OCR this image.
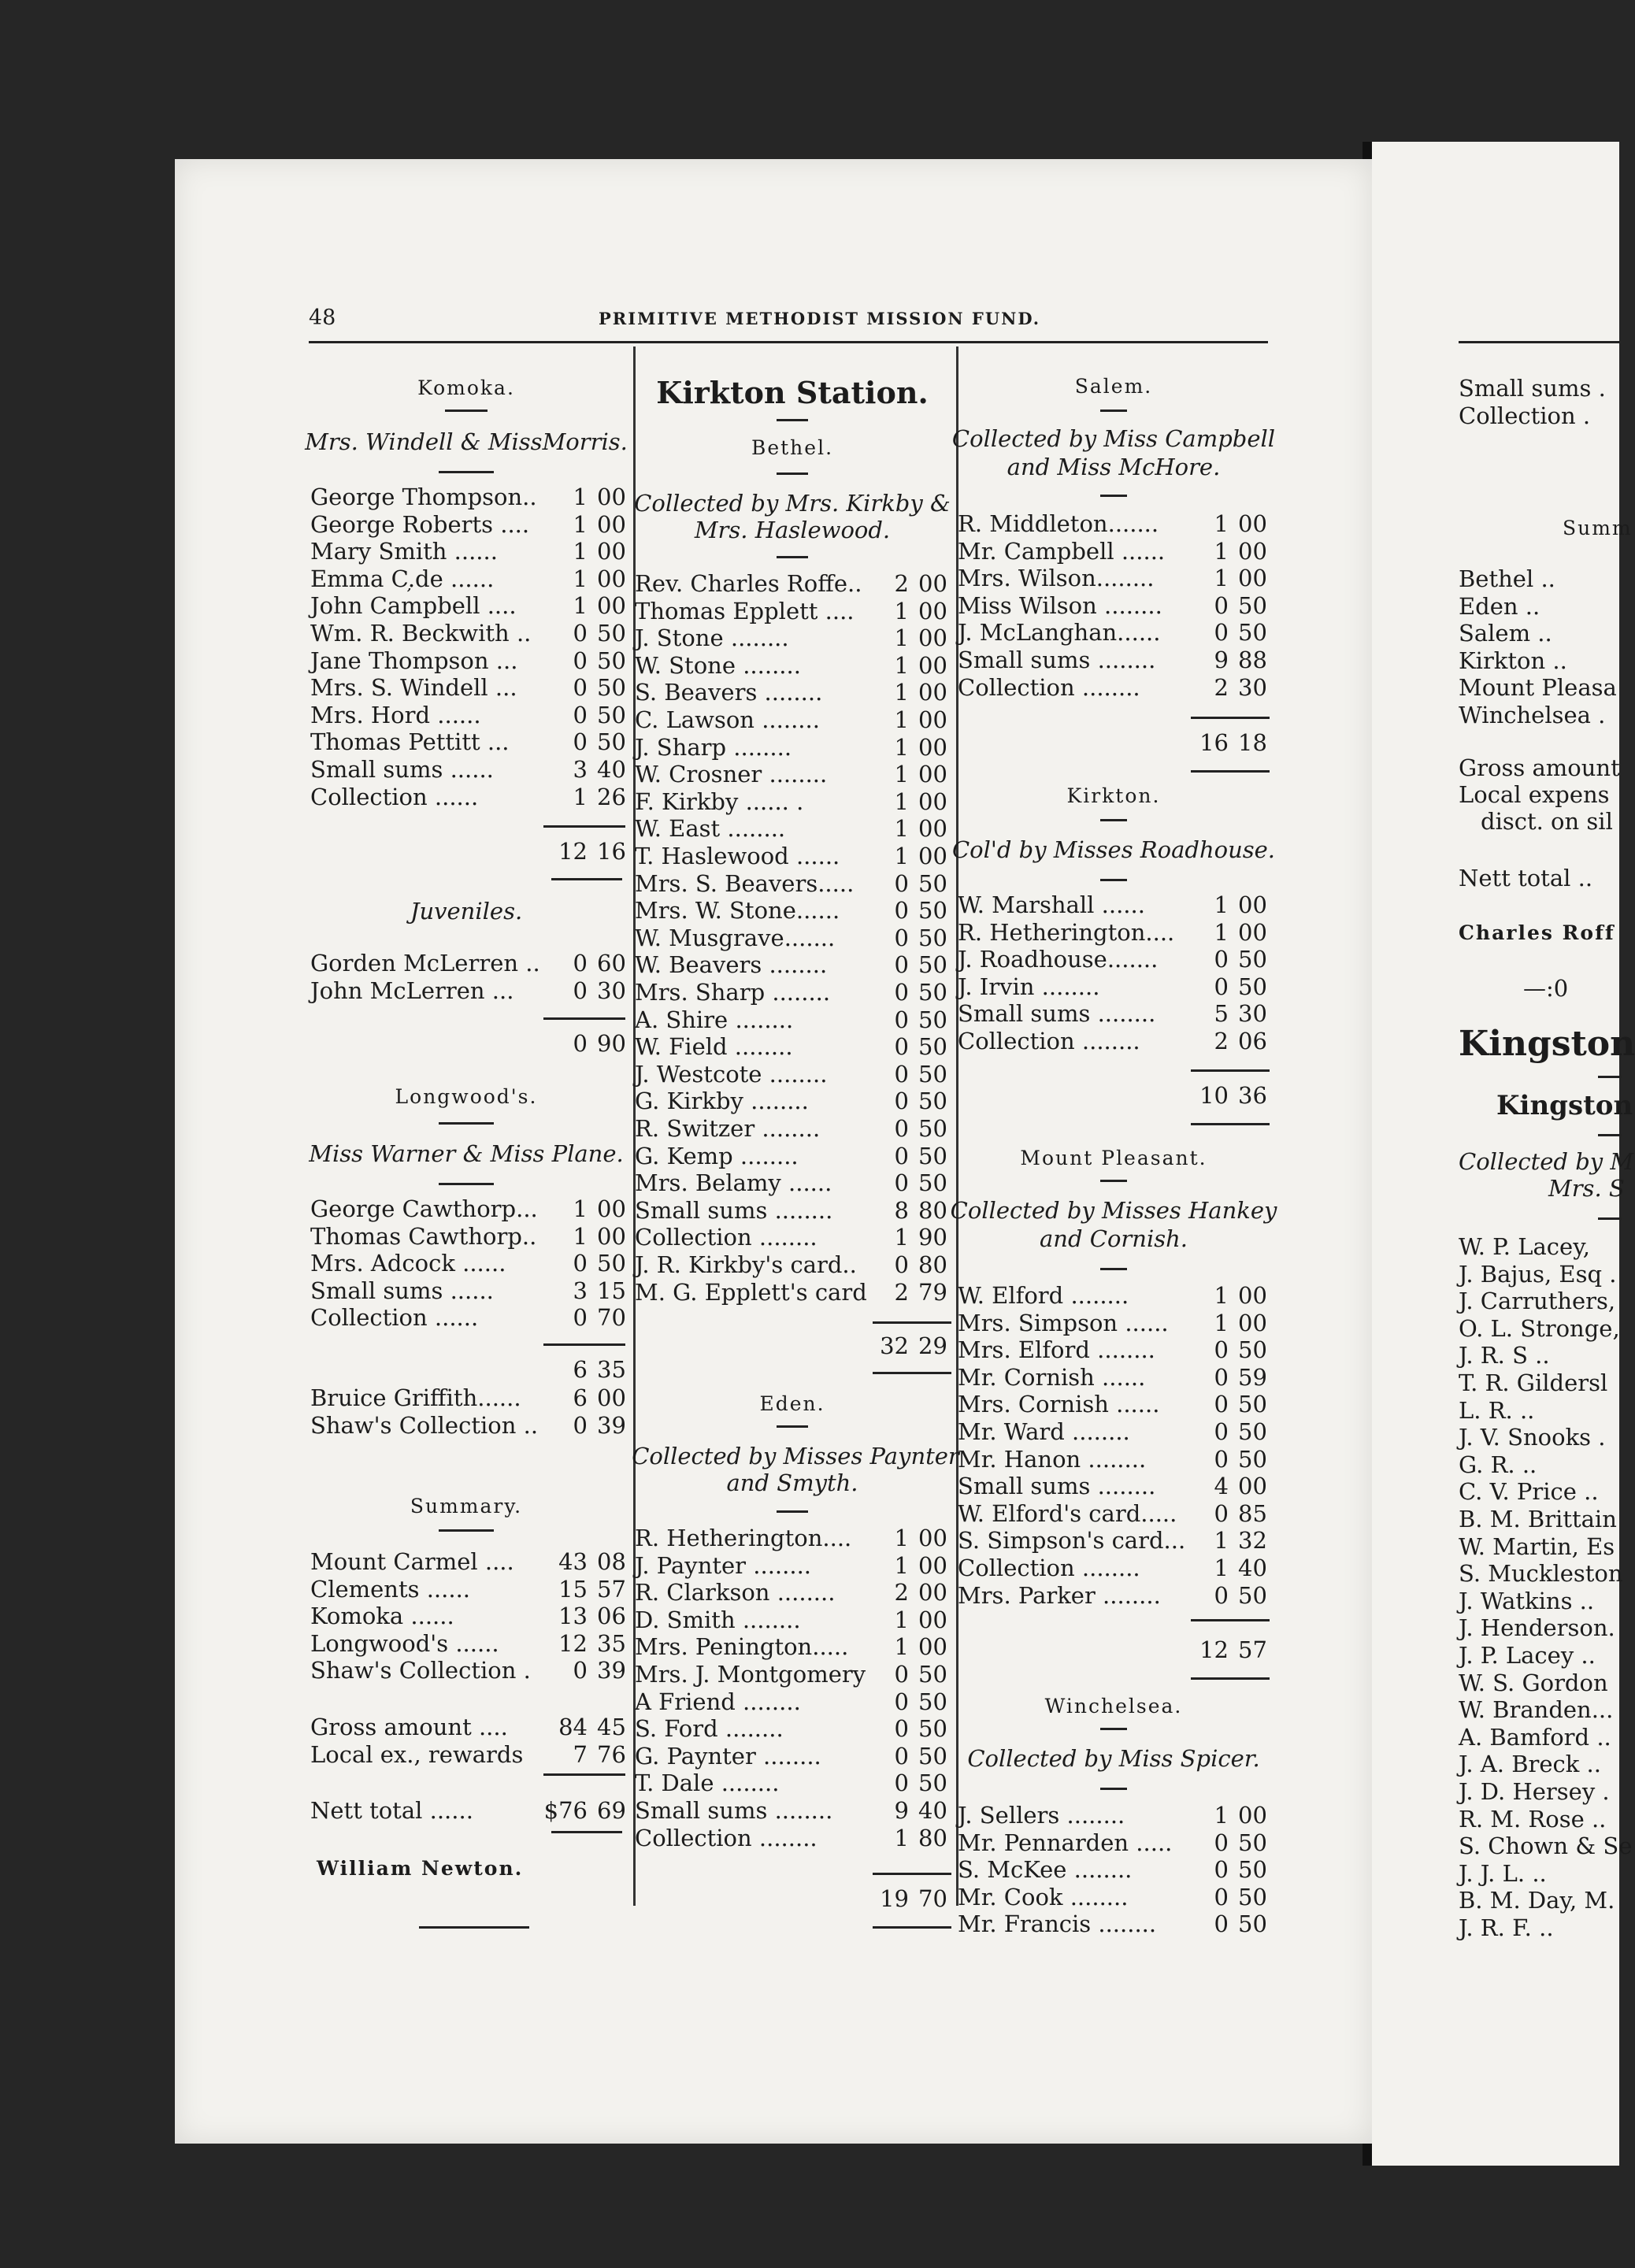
48	PRIMITIVE METHODIST MISSION FUND.
Komoka.
Mrs. Windell & MissMorris.
George Thompson..	1 00
George Roberts ....	1 00
Mary Smith ......	1 00
Emma C.̦de ......	1 00
John Campbell ....	1 00
Wm. R. Beckwith ..	0 50
Jane Thompson ...	0 50
Mrs. S. Windell ...	0 50
Mrs. Hord ......	0 50
Thomas Pettitt ...	0 50
Small sums ......	3 40
Collection ......	1 26
12 16
Juveniles.
Gorden McLerren ..	0 60
John McLerren ...	0 30
0 90
Longwood's.
Miss Warner & Miss Plane.
George Cawthorp...	1 00
Thomas Cawthorp..	1 00
Mrs. Adcock ......	0 50
Small sums ......	3 15
Collection ......	0 70
6 35
Bruice Griffith......	6 00
Shaw's Collection ..	0 39
Summary.
Mount Carmel ....	43 08
Clements ......	15 57
Komoka ......	13 06
Longwood's ......	12 35
Shaw's Collection .	0 39
Gross amount ....	84 45
Local ex., rewards	7 76
Nett total ......	$76 69
William Newton.
Kirkton Station.
Bethel.
Collected by Mrs. Kirkby &
Mrs. Haslewood.
Rev. Charles Roffe..	2 00
Thomas Epplett ....	1 00
J. Stone ........	1 00
W. Stone ........	1 00
S. Beavers ........	1 00
C. Lawson ........	1 00
J. Sharp ........	1 00
W. Crosner ........	1 00
F. Kirkby ...... .	1 00
W. East ........	1 00
T. Haslewood ......	1 00
Mrs. S. Beavers.....	0 50
Mrs. W. Stone......	0 50
W. Musgrave.......	0 50
W. Beavers ........	0 50
Mrs. Sharp ........	0 50
A. Shire ........	0 50
W. Field ........	0 50
J. Westcote ........	0 50
G. Kirkby ........	0 50
R. Switzer ........	0 50
G. Kemp ........	0 50
Mrs. Belamy ......	0 50
Small sums ........	8 80
Collection ........	1 90
J. R. Kirkby's card..	0 80
M. G. Epplett's card	2 79
32 29
Eden.
Collected by Misses Paynter
and Smyth.
R. Hetherington....	1 00
J. Paynter ........	1 00
R. Clarkson ........	2 00
D. Smith ........	1 00
Mrs. Penington.....	1 00
Mrs. J. Montgomery	0 50
A Friend ........	0 50
S. Ford ........	0 50
G. Paynter ........	0 50
T. Dale ........	0 50
Small sums ........	9 40
Collection ........	1 80
19 70
Salem.
Collected by Miss Campbell
and Miss McHore.
R. Middleton.......	1 00
Mr. Campbell ......	1 00
Mrs. Wilson........	1 00
Miss Wilson ........	0 50
J. McLanghan......	0 50
Small sums ........	9 88
Collection ........	2 30
16 18
Kirkton.
Col'd by Misses Roadhouse.
W. Marshall ......	1 00
R. Hetherington....	1 00
J. Roadhouse.......	0 50
J. Irvin ........	0 50
Small sums ........	5 30
Collection ........	2 06
10 36
Mount Pleasant.
Collected by Misses Hankey
and Cornish.
W. Elford ........	1 00
Mrs. Simpson ......	1 00
Mrs. Elford ........	0 50
Mr. Cornish ......	0 59
Mrs. Cornish ......	0 50
Mr. Ward ........	0 50
Mr. Hanon ........	0 50
Small sums ........	4 00
W. Elford's card.....	0 85
S. Simpson's card...	1 32
Collection ........	1 40
Mrs. Parker ........	0 50
12 57
Winchelsea.
Collected by Miss Spicer.
J. Sellers ........	1 00
Mr. Pennarden .....	0 50
S. McKee ........	0 50
Mr. Cook ........	0 50
Mr. Francis ........	0 50
Small sums .
Collection .
Summ
Bethel ..
Eden ..
Salem ..
Kirkton ..
Mount Pleasa
Winchelsea .
Gross amount
Local expens
disct. on sil
Nett total ..
Charles Roff
—:0
Kingston
Kingston
Collected by M
Mrs. S
W. P. Lacey,
J. Bajus, Esq .
J. Carruthers,
O. L. Stronge,
J. R. S ..
T. R. Gildersl
L. R. ..
J. V. Snooks .
G. R. ..
C. V. Price ..
B. M. Brittain
W. Martin, Es
S. Muckleston
J. Watkins ..
J. Henderson.
J. P. Lacey ..
W. S. Gordon
W. Branden...
A. Bamford ..
J. A. Breck ..
J. D. Hersey .
R. M. Rose ..
S. Chown & Se
J. J. L. ..
B. M. Day, M.
J. R. F. ..
